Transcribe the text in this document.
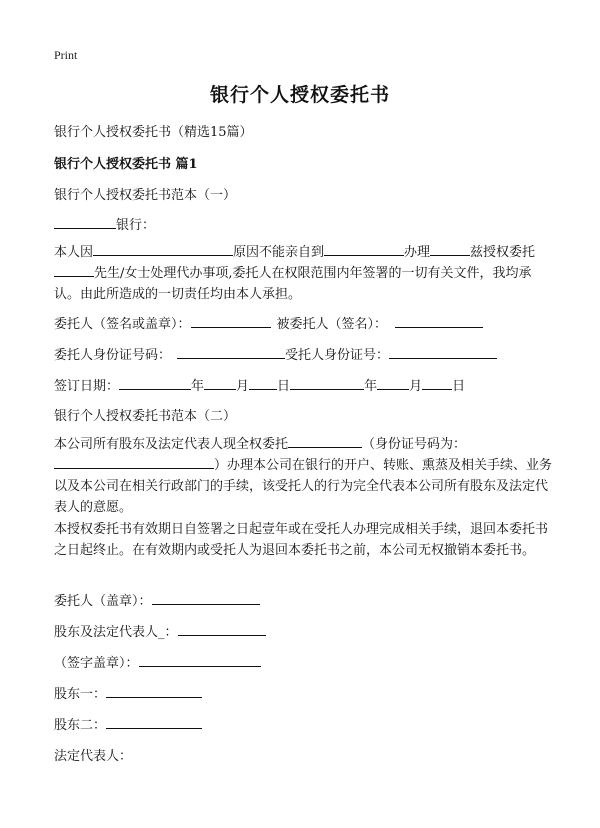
Print
银行个人授权委托书
银行个人授权委托书（精选15篇）
银行个人授权委托书 篇1
银行个人授权委托书范本（一）
银行：
本人因	原因不能亲自到	办理	兹授权委托先生/女士处理代办事项,委托人在权限范围内年签署的一切有关文件，我均承认。由此所造成的一切责任均由本人承担。
委托人（签名或盖章）：	被委托人（签名）：
委托人身份证号码：	受托人身份证号：
签订日期：	年 月 日	年 月 日
银行个人授权委托书范本（二）
本公司所有股东及法定代表人现全权委托	（身份证号码为：
）办理本公司在银行的开户、转账、熏蒸及相关手续、业务以及本公司在相关行政部门的手续，该受托人的行为完全代表本公司所有股东及法定代表人的意愿。
本授权委托书有效期日自签署之日起壹年或在受托人办理完成相关手续，退回本委托书之日起终止。在有效期内或受托人为退回本委托书之前，本公司无权撤销本委托书。
委托人（盖章）：
股东及法定代表人_：
（签字盖章）：
股东一：
股东二：
法定代表人：
